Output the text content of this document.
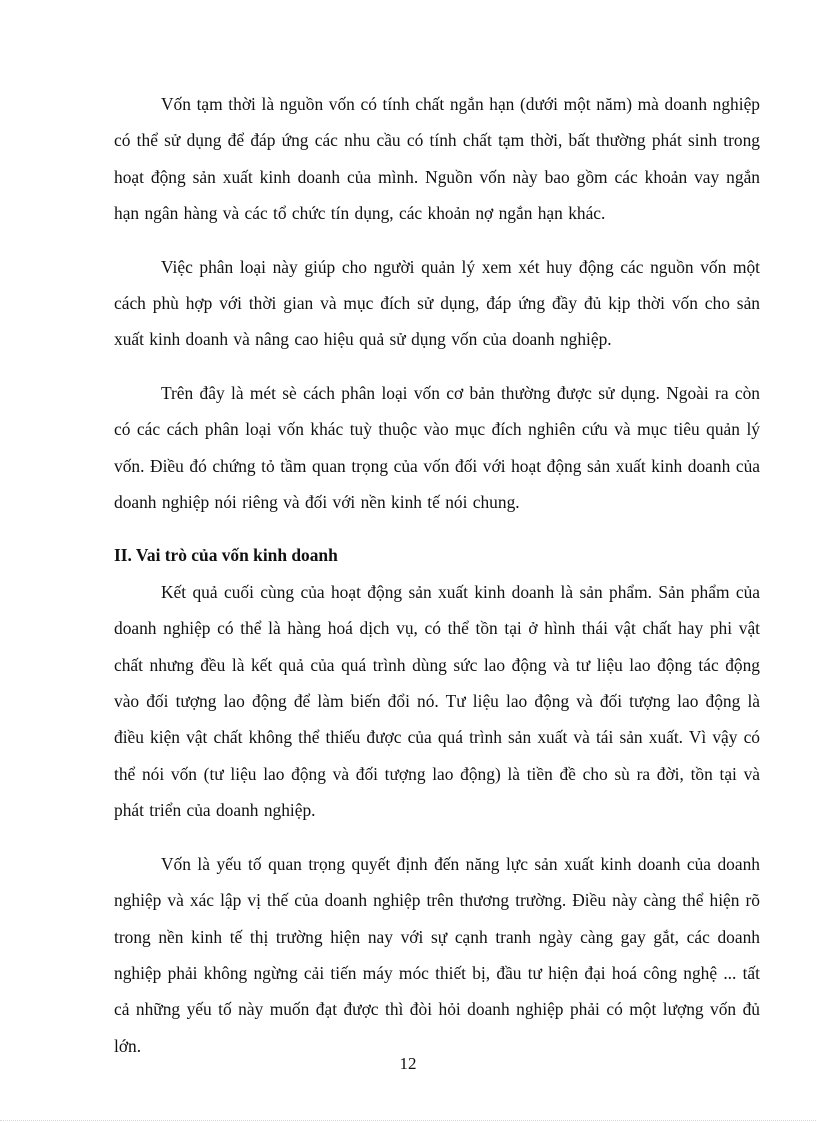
Vốn tạm thời là nguồn vốn có tính chất ngắn hạn (dưới một năm) mà doanh nghiệp có thể sử dụng để đáp ứng các nhu cầu có tính chất tạm thời, bất thường phát sinh trong hoạt động sản xuất kinh doanh của mình. Nguồn vốn này bao gồm các khoản vay ngắn hạn ngân hàng và các tổ chức tín dụng, các khoản nợ ngắn hạn khác.

Việc phân loại này giúp cho người quản lý xem xét huy động các nguồn vốn một cách phù hợp với thời gian và mục đích sử dụng, đáp ứng đầy đủ kịp thời vốn cho sản xuất kinh doanh và nâng cao hiệu quả sử dụng vốn của doanh nghiệp.

Trên đây là mét sè cách phân loại vốn cơ bản thường được sử dụng. Ngoài ra còn có các cách phân loại vốn khác tuỳ thuộc vào mục đích nghiên cứu và mục tiêu quản lý vốn. Điều đó chứng tỏ tầm quan trọng của vốn đối với hoạt động sản xuất kinh doanh của doanh nghiệp nói riêng và đối với nền kinh tế nói chung.

II. Vai trò của vốn kinh doanh

Kết quả cuối cùng của hoạt động sản xuất kinh doanh là sản phẩm. Sản phẩm của doanh nghiệp có thể là hàng hoá dịch vụ, có thể tồn tại ở hình thái vật chất hay phi vật chất nhưng đều là kết quả của quá trình dùng sức lao động và tư liệu lao động tác động vào đối tượng lao động để làm biến đổi nó. Tư liệu lao động và đối tượng lao động là điều kiện vật chất không thể thiếu được của quá trình sản xuất và tái sản xuất. Vì vậy có thể nói vốn (tư liệu lao động và đối tượng lao động) là tiền đề cho sù ra đời, tồn tại và phát triển của doanh nghiệp.

Vốn là yếu tố quan trọng quyết định đến năng lực sản xuất kinh doanh của doanh nghiệp và xác lập vị thế của doanh nghiệp trên thương trường. Điều này càng thể hiện rõ trong nền kinh tế thị trường hiện nay với sự cạnh tranh ngày càng gay gắt, các doanh nghiệp phải không ngừng cải tiến máy móc thiết bị, đầu tư hiện đại hoá công nghệ ... tất cả những yếu tố này muốn đạt được thì đòi hỏi doanh nghiệp phải có một lượng vốn đủ lớn.

12
